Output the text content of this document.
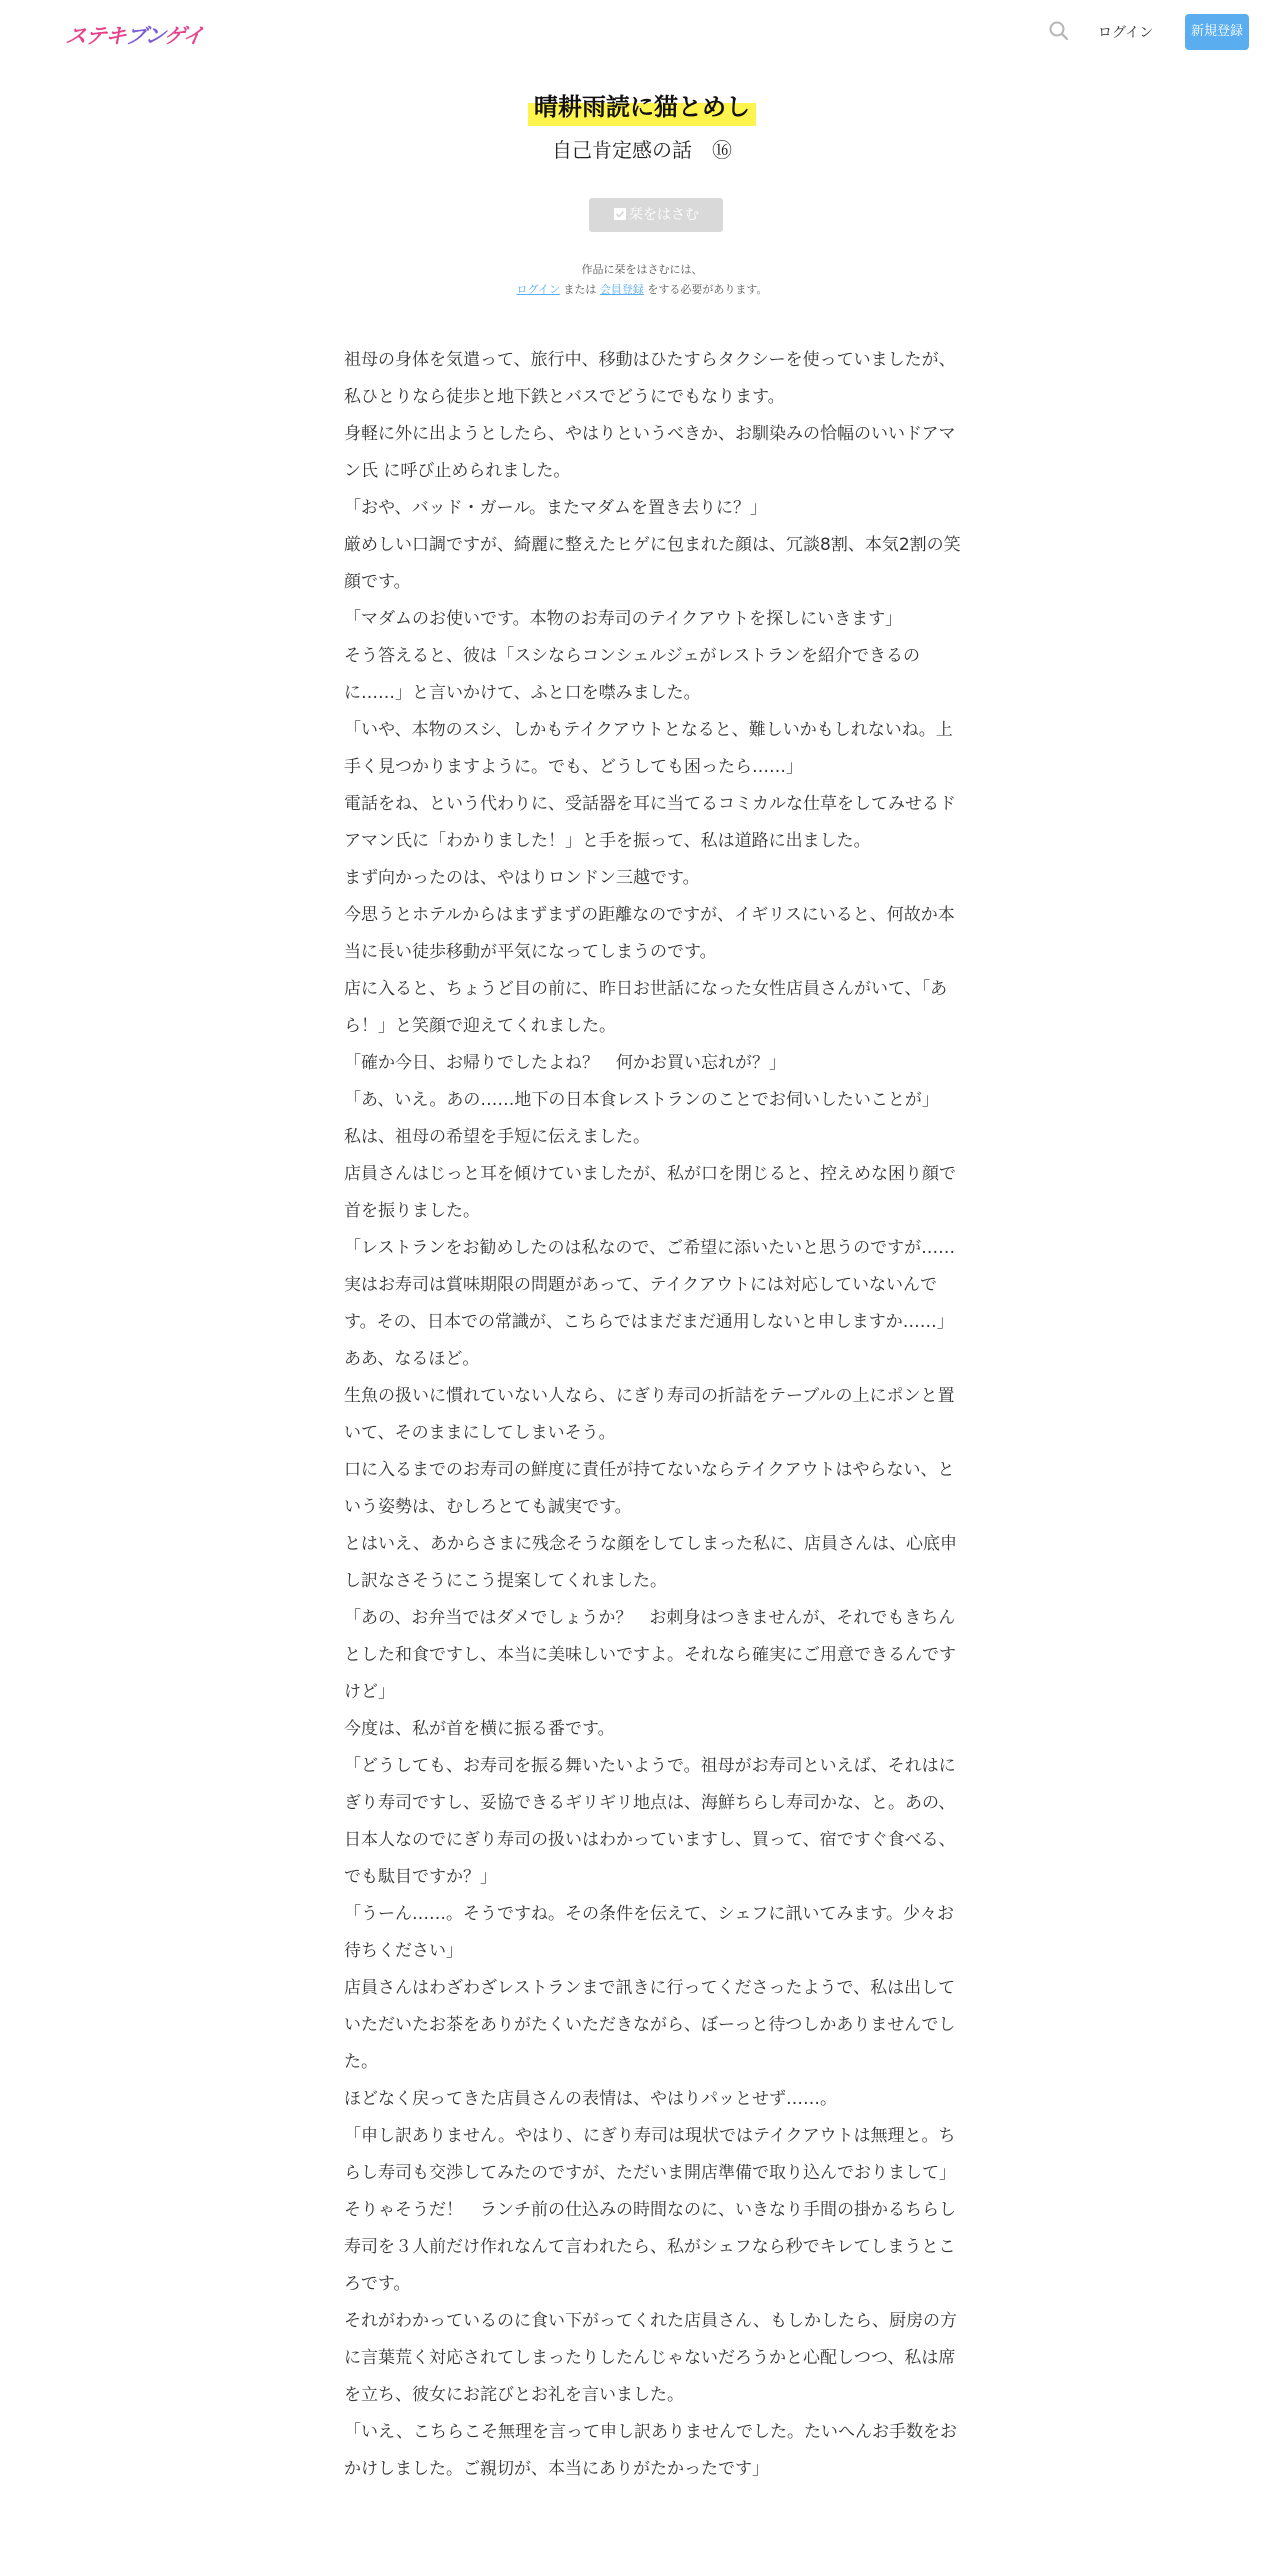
ステキブンゲイ	ログイン	新規登録
晴耕雨読に猫とめし
自己肯定感の話　⑯
栞をはさむ
作品に栞をはさむには、
ログイン または 会員登録 をする必要があります。

祖母の身体を気遣って、旅行中、移動はひたすらタクシーを使っていましたが、私ひとりなら徒歩と地下鉄とバスでどうにでもなります。

身軽に外に出ようとしたら、やはりというべきか、お馴染みの恰幅のいいドアマン氏 に呼び止められました。

「おや、バッド・ガール。またマダムを置き去りに？」

厳めしい口調ですが、綺麗に整えたヒゲに包まれた顔は、冗談8割、本気2割の笑顔です。

「マダムのお使いです。本物のお寿司のテイクアウトを探しにいきます」

そう答えると、彼は「スシならコンシェルジェがレストランを紹介できるのに……」と言いかけて、ふと口を噤みました。

「いや、本物のスシ、しかもテイクアウトとなると、難しいかもしれないね。上手く見つかりますように。でも、どうしても困ったら……」

電話をね、という代わりに、受話器を耳に当てるコミカルな仕草をしてみせるドアマン氏に「わかりました！」と手を振って、私は道路に出ました。

まず向かったのは、やはりロンドン三越です。

今思うとホテルからはまずまずの距離なのですが、イギリスにいると、何故か本当に長い徒歩移動が平気になってしまうのです。

店に入ると、ちょうど目の前に、昨日お世話になった女性店員さんがいて、「あら！」と笑顔で迎えてくれました。

「確か今日、お帰りでしたよね？　何かお買い忘れが？」

「あ、いえ。あの……地下の日本食レストランのことでお伺いしたいことが」

私は、祖母の希望を手短に伝えました。

店員さんはじっと耳を傾けていましたが、私が口を閉じると、控えめな困り顔で首を振りました。

「レストランをお勧めしたのは私なので、ご希望に添いたいと思うのですが……実はお寿司は賞味期限の問題があって、テイクアウトには対応していないんです。その、日本での常識が、こちらではまだまだ通用しないと申しますか……」

ああ、なるほど。

生魚の扱いに慣れていない人なら、にぎり寿司の折詰をテーブルの上にポンと置いて、そのままにしてしまいそう。

口に入るまでのお寿司の鮮度に責任が持てないならテイクアウトはやらない、という姿勢は、むしろとても誠実です。

とはいえ、あからさまに残念そうな顔をしてしまった私に、店員さんは、心底申し訳なさそうにこう提案してくれました。

「あの、お弁当ではダメでしょうか？　お刺身はつきませんが、それでもきちんとした和食ですし、本当に美味しいですよ。それなら確実にご用意できるんですけど」

今度は、私が首を横に振る番です。

「どうしても、お寿司を振る舞いたいようで。祖母がお寿司といえば、それはにぎり寿司ですし、妥協できるギリギリ地点は、海鮮ちらし寿司かな、と。あの、日本人なのでにぎり寿司の扱いはわかっていますし、買って、宿ですぐ食べる、でも駄目ですか？」

「うーん……。そうですね。その条件を伝えて、シェフに訊いてみます。少々お待ちください」

店員さんはわざわざレストランまで訊きに行ってくださったようで、私は出していただいたお茶をありがたくいただきながら、ぼーっと待つしかありませんでした。

ほどなく戻ってきた店員さんの表情は、やはりパッとせず……。

「申し訳ありません。やはり、にぎり寿司は現状ではテイクアウトは無理と。ちらし寿司も交渉してみたのですが、ただいま開店準備で取り込んでおりまして」

そりゃそうだ！　ランチ前の仕込みの時間なのに、いきなり手間の掛かるちらし寿司を３人前だけ作れなんて言われたら、私がシェフなら秒でキレてしまうところです。

それがわかっているのに食い下がってくれた店員さん、もしかしたら、厨房の方に言葉荒く対応されてしまったりしたんじゃないだろうかと心配しつつ、私は席を立ち、彼女にお詫びとお礼を言いました。

「いえ、こちらこそ無理を言って申し訳ありませんでした。たいへんお手数をおかけしました。ご親切が、本当にありがたかったです」
